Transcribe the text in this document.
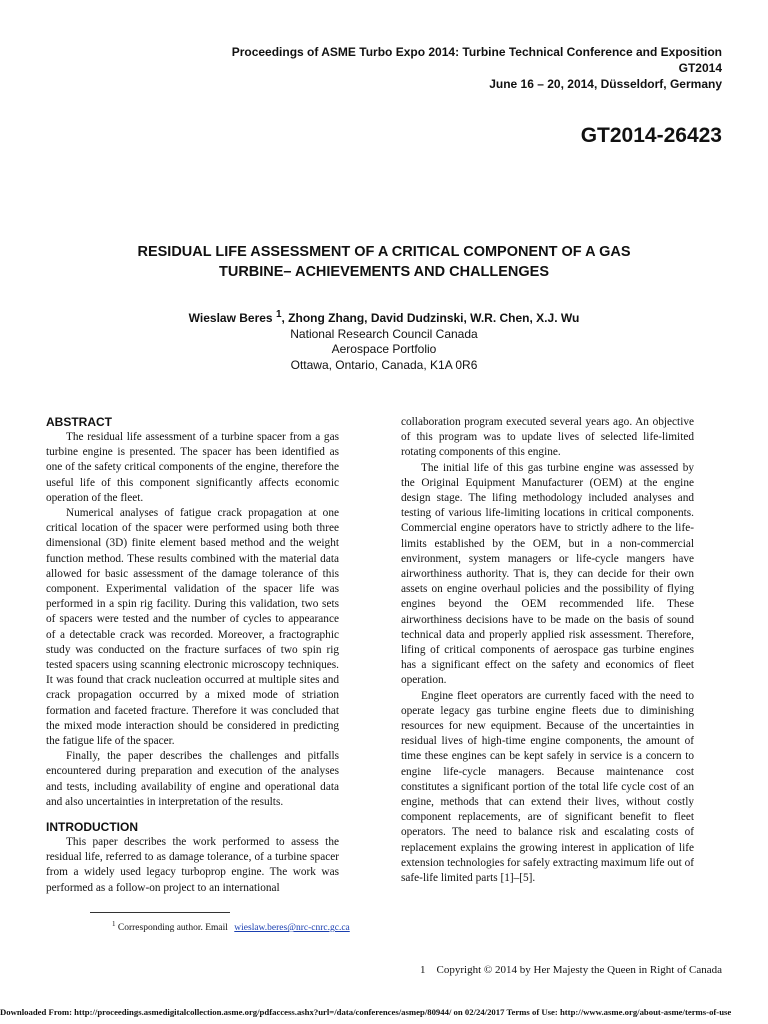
Proceedings of ASME Turbo Expo 2014: Turbine Technical Conference and Exposition
GT2014
June 16 – 20, 2014, Düsseldorf, Germany
GT2014-26423
RESIDUAL LIFE ASSESSMENT OF A CRITICAL COMPONENT OF A GAS
TURBINE– ACHIEVEMENTS AND CHALLENGES
Wieslaw Beres $^1$, Zhong Zhang, David Dudzinski, W.R. Chen, X.J. Wu
National Research Council Canada
Aerospace Portfolio
Ottawa, Ontario, Canada, K1A 0R6
ABSTRACT

The residual life assessment of a turbine spacer from a gas turbine engine is presented. The spacer has been identified as one of the safety critical components of the engine, therefore the useful life of this component significantly affects economic operation of the fleet.

Numerical analyses of fatigue crack propagation at one critical location of the spacer were performed using both three dimensional (3D) finite element based method and the weight function method. These results combined with the material data allowed for basic assessment of the damage tolerance of this component. Experimental validation of the spacer life was performed in a spin rig facility. During this validation, two sets of spacers were tested and the number of cycles to appearance of a detectable crack was recorded. Moreover, a fractographic study was conducted on the fracture surfaces of two spin rig tested spacers using scanning electronic microscopy techniques. It was found that crack nucleation occurred at multiple sites and crack propagation occurred by a mixed mode of striation formation and faceted fracture. Therefore it was concluded that the mixed mode interaction should be considered in predicting the fatigue life of the spacer.

Finally, the paper describes the challenges and pitfalls encountered during preparation and execution of the analyses and tests, including availability of engine and operational data and also uncertainties in interpretation of the results.

INTRODUCTION

This paper describes the work performed to assess the residual life, referred to as damage tolerance, of a turbine spacer from a widely used legacy turboprop engine. The work was performed as a follow-on project to an international

collaboration program executed several years ago. An objective of this program was to update lives of selected life-limited rotating components of this engine.

The initial life of this gas turbine engine was assessed by the Original Equipment Manufacturer (OEM) at the engine design stage. The lifing methodology included analyses and testing of various life-limiting locations in critical components. Commercial engine operators have to strictly adhere to the life-limits established by the OEM, but in a non-commercial environment, system managers or life-cycle mangers have airworthiness authority. That is, they can decide for their own assets on engine overhaul policies and the possibility of flying engines beyond the OEM recommended life. These airworthiness decisions have to be made on the basis of sound technical data and properly applied risk assessment. Therefore, lifing of critical components of aerospace gas turbine engines has a significant effect on the safety and economics of fleet operation.

Engine fleet operators are currently faced with the need to operate legacy gas turbine engine fleets due to diminishing resources for new equipment. Because of the uncertainties in residual lives of high-time engine components, the amount of time these engines can be kept safely in service is a concern to engine life-cycle managers. Because maintenance cost constitutes a significant portion of the total life cycle cost of an engine, methods that can extend their lives, without costly component replacements, are of significant benefit to fleet operators. The need to balance risk and escalating costs of replacement explains the growing interest in application of life extension technologies for safely extracting maximum life out of safe-life limited parts [1]–[5].

$^1$ Corresponding author. Email wieslaw.beres@nrc-cnrc.gc.ca
1 Copyright © 2014 by Her Majesty the Queen in Right of Canada
Downloaded From: http://proceedings.asmedigitalcollection.asme.org/pdfaccess.ashx?url=/data/conferences/asmep/80944/ on 02/24/2017 Terms of Use: http://www.asme.org/about-asme/terms-of-use
